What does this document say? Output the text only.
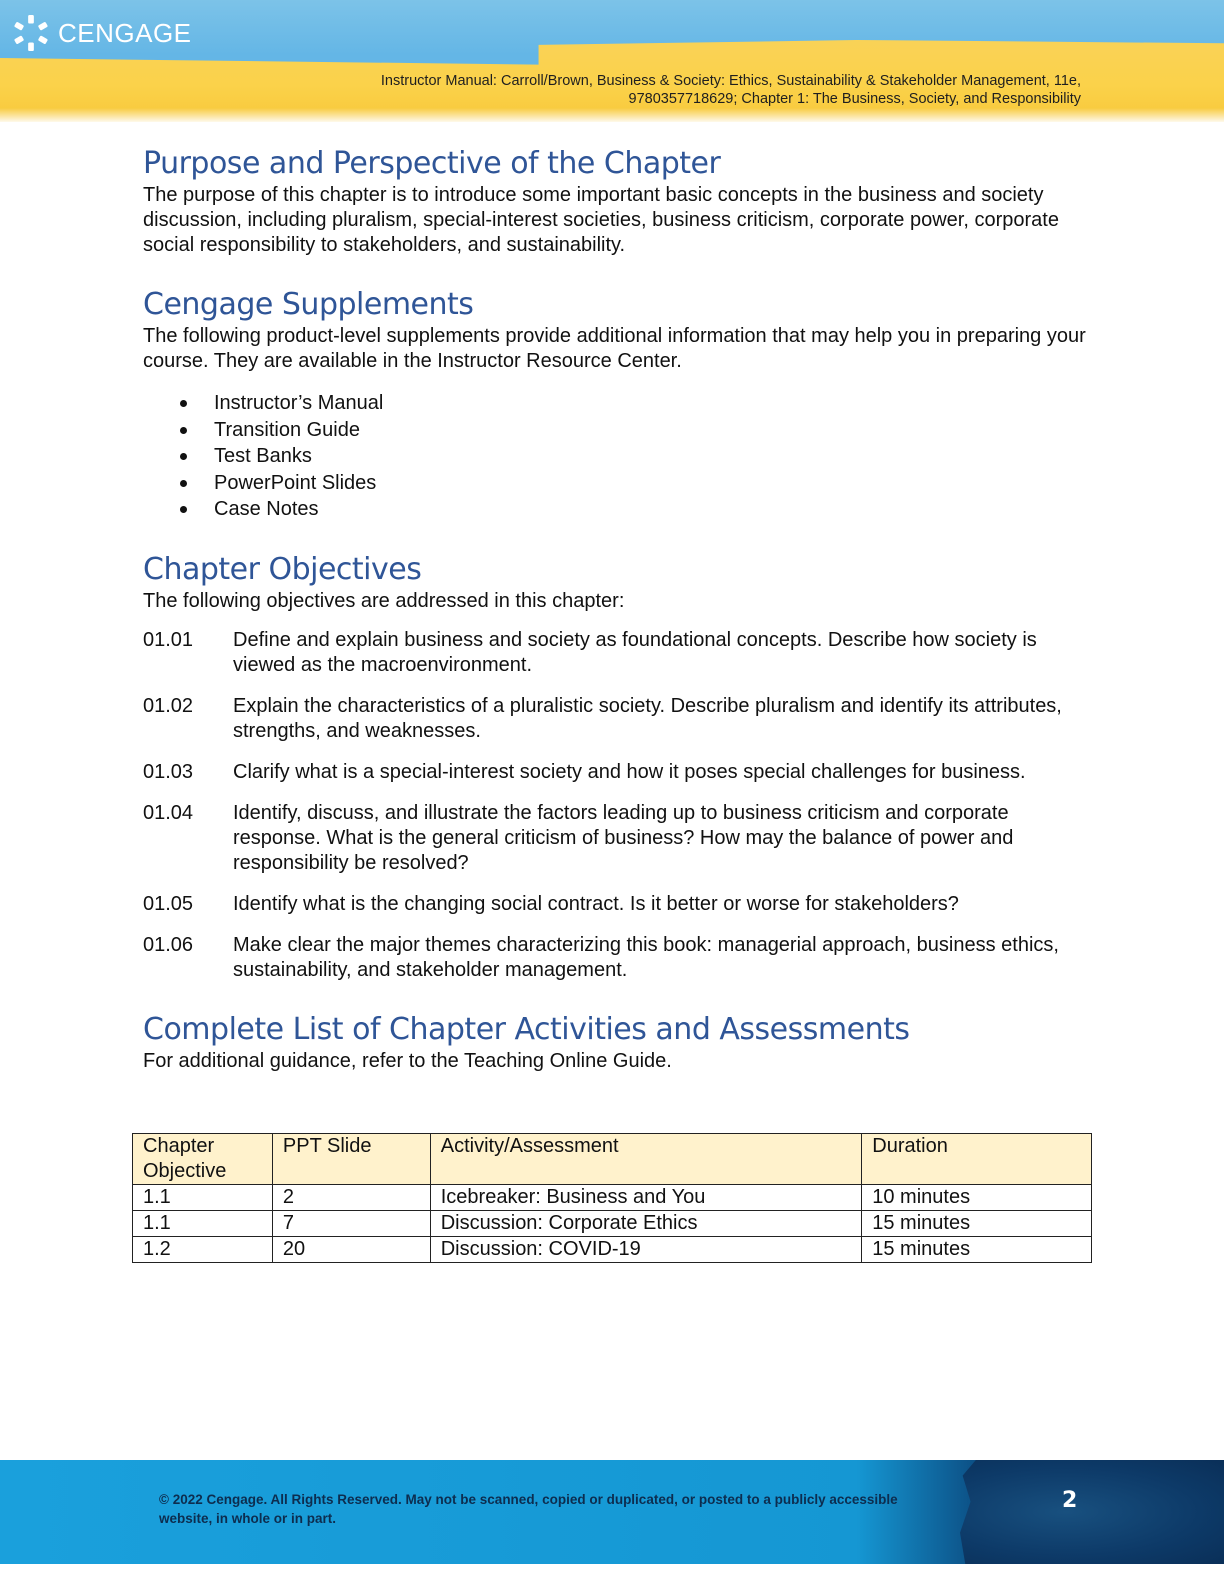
CENGAGE
Instructor Manual: Carroll/Brown, Business & Society: Ethics, Sustainability & Stakeholder Management, 11e,
9780357718629; Chapter 1: The Business, Society, and Responsibility
Purpose and Perspective of the Chapter

The purpose of this chapter is to introduce some important basic concepts in the business and society discussion, including pluralism, special-interest societies, business criticism, corporate power, corporate social responsibility to stakeholders, and sustainability.

Cengage Supplements

The following product-level supplements provide additional information that may help you in preparing your course. They are available in the Instructor Resource Center.

Instructor’s Manual
Transition Guide
Test Banks
PowerPoint Slides
Case Notes
Chapter Objectives

The following objectives are addressed in this chapter:

01.01	Define and explain business and society as foundational concepts. Describe how society is viewed as the macroenvironment.
01.02	Explain the characteristics of a pluralistic society. Describe pluralism and identify its attributes, strengths, and weaknesses.
01.03	Clarify what is a special-interest society and how it poses special challenges for business.
01.04	Identify, discuss, and illustrate the factors leading up to business criticism and corporate response. What is the general criticism of business? How may the balance of power and responsibility be resolved?
01.05	Identify what is the changing social contract. Is it better or worse for stakeholders?
01.06	Make clear the major themes characterizing this book: managerial approach, business ethics, sustainability, and stakeholder management.
Complete List of Chapter Activities and Assessments

For additional guidance, refer to the Teaching Online Guide.

Chapter Objective	PPT Slide	Activity/Assessment	Duration
1.1	2	Icebreaker: Business and You	10 minutes
1.1	7	Discussion: Corporate Ethics	15 minutes
1.2	20	Discussion: COVID-19	15 minutes
© 2022 Cengage. All Rights Reserved. May not be scanned, copied or duplicated, or posted to a publicly accessible website, in whole or in part.
2
